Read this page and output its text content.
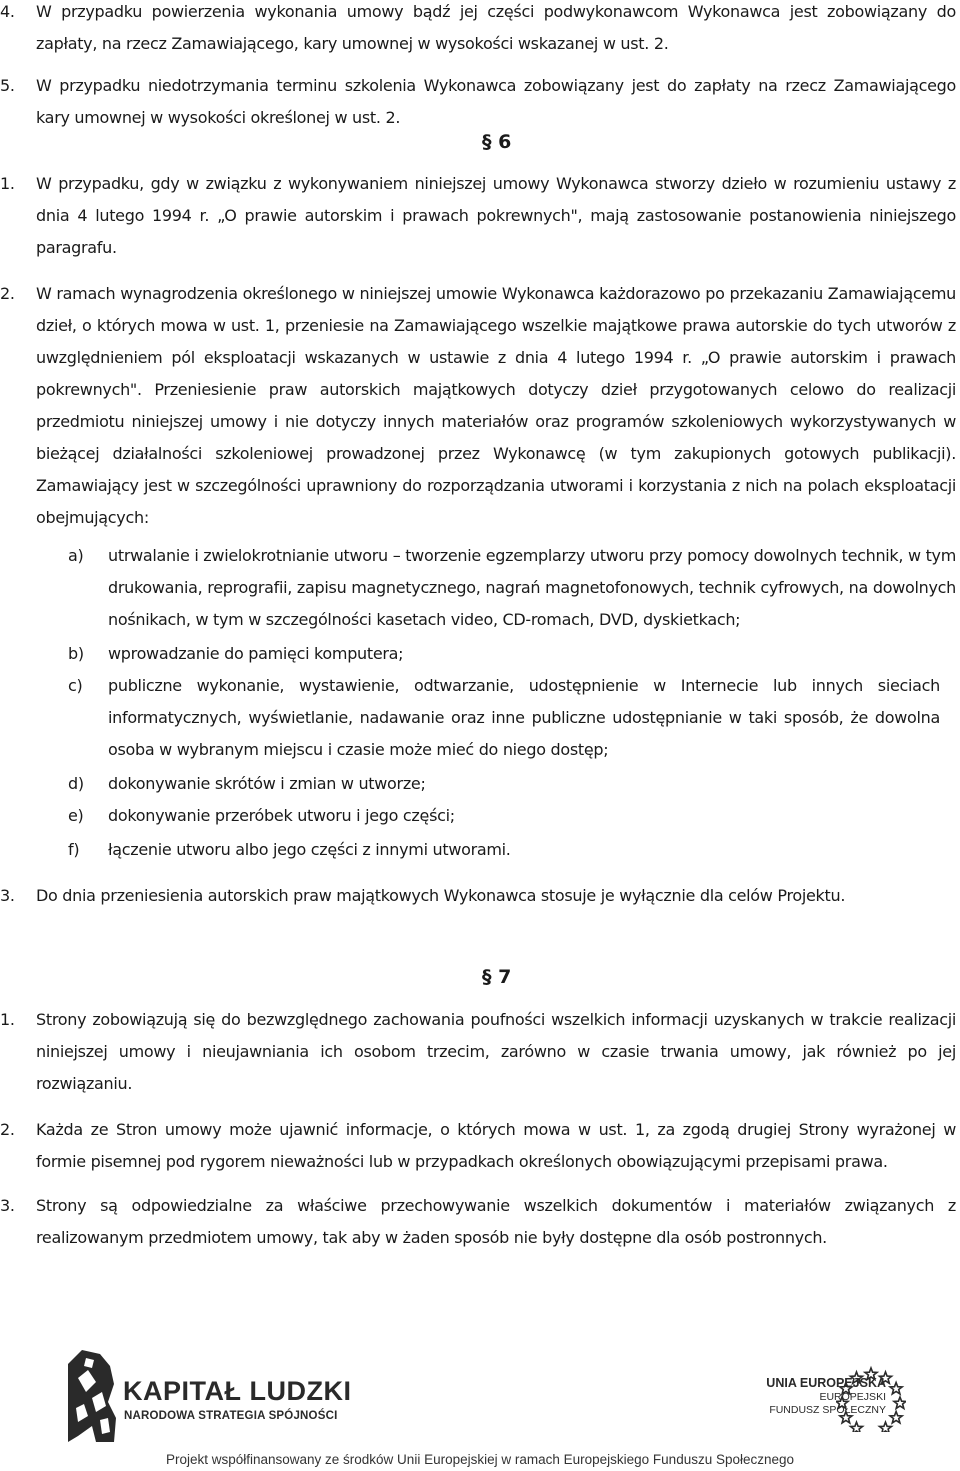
4. W przypadku powierzenia wykonania umowy bądź jej części podwykonawcom Wykonawca jest zobowiązany do zapłaty, na rzecz Zamawiającego, kary umownej w wysokości wskazanej w ust. 2.
5. W przypadku niedotrzymania terminu szkolenia Wykonawca zobowiązany jest do zapłaty na rzecz Zamawiającego kary umownej w wysokości określonej w ust. 2.
§ 6
1. W przypadku, gdy w związku z wykonywaniem niniejszej umowy Wykonawca stworzy dzieło w rozumieniu ustawy z dnia 4 lutego 1994 r. „O prawie autorskim i prawach pokrewnych", mają zastosowanie postanowienia niniejszego paragrafu.
2. W ramach wynagrodzenia określonego w niniejszej umowie Wykonawca każdorazowo po przekazaniu Zamawiającemu dzieł, o których mowa w ust. 1, przeniesie na Zamawiającego wszelkie majątkowe prawa autorskie do tych utworów z uwzględnieniem pól eksploatacji wskazanych w ustawie z dnia 4 lutego 1994 r. „O prawie autorskim i prawach pokrewnych". Przeniesienie praw autorskich majątkowych dotyczy dzieł przygotowanych celowo do realizacji przedmiotu niniejszej umowy i nie dotyczy innych materiałów oraz programów szkoleniowych wykorzystywanych w bieżącej działalności szkoleniowej prowadzonej przez Wykonawcę (w tym zakupionych gotowych publikacji). Zamawiający jest w szczególności uprawniony do rozporządzania utworami i korzystania z nich na polach eksploatacji obejmujących:
a) utrwalanie i zwielokrotnianie utworu – tworzenie egzemplarzy utworu przy pomocy dowolnych technik, w tym drukowania, reprografii, zapisu magnetycznego, nagrań magnetofonowych, technik cyfrowych, na dowolnych nośnikach, w tym w szczególności kasetach video, CD-romach, DVD, dyskietkach;
b) wprowadzanie do pamięci komputera;
c) publiczne wykonanie, wystawienie, odtwarzanie, udostępnienie w Internecie lub innych sieciach informatycznych, wyświetlanie, nadawanie oraz inne publiczne udostępnianie w taki sposób, że dowolna osoba w wybranym miejscu i czasie może mieć do niego dostęp;
d) dokonywanie skrótów i zmian w utworze;
e) dokonywanie przeróbek utworu i jego części;
f) łączenie utworu albo jego części z innymi utworami.
3. Do dnia przeniesienia autorskich praw majątkowych Wykonawca stosuje je wyłącznie dla celów Projektu.
§ 7
1. Strony zobowiązują się do bezwzględnego zachowania poufności wszelkich informacji uzyskanych w trakcie realizacji niniejszej umowy i nieujawniania ich osobom trzecim, zarówno w czasie trwania umowy, jak również po jej rozwiązaniu.
2. Każda ze Stron umowy może ujawnić informacje, o których mowa w ust. 1, za zgodą drugiej Strony wyrażonej w formie pisemnej pod rygorem nieważności lub w przypadkach określonych obowiązującymi przepisami prawa.
3. Strony są odpowiedzialne za właściwe przechowywanie wszelkich dokumentów i materiałów związanych z realizowanym przedmiotem umowy, tak aby w żaden sposób nie były dostępne dla osób postronnych.
KAPITAŁ LUDZKI
NARODOWA STRATEGIA SPÓJNOŚCI
UNIA EUROPEJSKA
EUROPEJSKI
FUNDUSZ SPOŁECZNY
Projekt współfinansowany ze środków Unii Europejskiej w ramach Europejskiego Funduszu Społecznego
